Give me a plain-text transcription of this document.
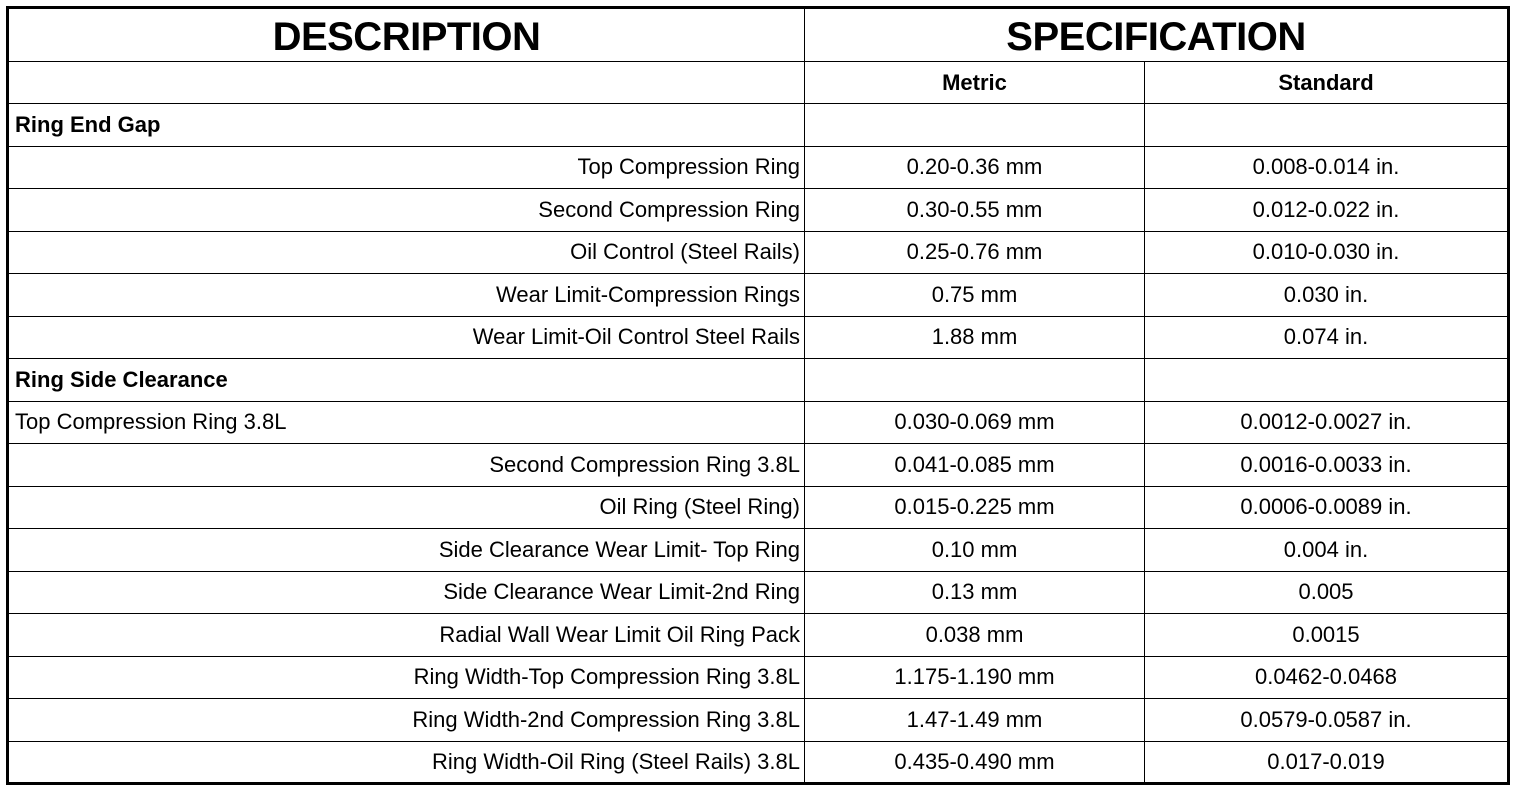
DESCRIPTION	SPECIFICATION	
	Metric	Standard
Ring End Gap		
Top Compression Ring	0.20-0.36 mm	0.008-0.014 in.
Second Compression Ring	0.30-0.55 mm	0.012-0.022 in.
Oil Control (Steel Rails)	0.25-0.76 mm	0.010-0.030 in.
Wear Limit-Compression Rings	0.75 mm	0.030 in.
Wear Limit-Oil Control Steel Rails	1.88 mm	0.074 in.
Ring Side Clearance		
Top Compression Ring 3.8L	0.030-0.069 mm	0.0012-0.0027 in.
Second Compression Ring 3.8L	0.041-0.085 mm	0.0016-0.0033 in.
Oil Ring (Steel Ring)	0.015-0.225 mm	0.0006-0.0089 in.
Side Clearance Wear Limit- Top Ring	0.10 mm	0.004 in.
Side Clearance Wear Limit-2nd Ring	0.13 mm	0.005
Radial Wall Wear Limit Oil Ring Pack	0.038 mm	0.0015
Ring Width-Top Compression Ring 3.8L	1.175-1.190 mm	0.0462-0.0468
Ring Width-2nd Compression Ring 3.8L	1.47-1.49 mm	0.0579-0.0587 in.
Ring Width-Oil Ring (Steel Rails) 3.8L	0.435-0.490 mm	0.017-0.019
